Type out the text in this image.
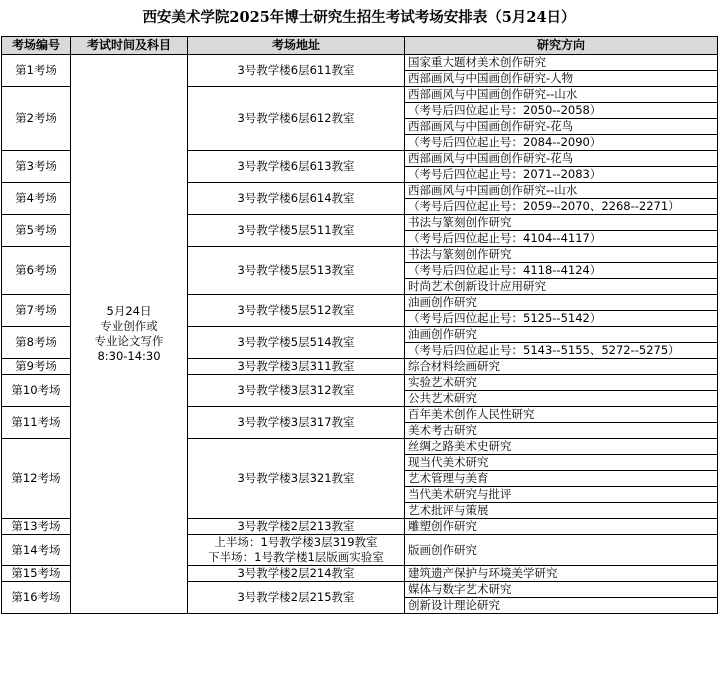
西安美术学院2025年博士研究生招生考试考场安排表（5月24日）
考场编号	考试时间及科目	考场地址	研究方向
第1考场	5月24日
专业创作或
专业论文写作
8:30-14:30	3号教学楼6层611教室	国家重大题材美术创作研究
			西部画风与中国画创作研究-人物
第2考场		3号教学楼6层612教室	西部画风与中国画创作研究--山水
			（考号后四位起止号：2050--2058）
			西部画风与中国画创作研究-花鸟
			（考号后四位起止号：2084--2090）
第3考场		3号教学楼6层613教室	西部画风与中国画创作研究-花鸟
			（考号后四位起止号：2071--2083）
第4考场		3号教学楼6层614教室	西部画风与中国画创作研究--山水
			（考号后四位起止号：2059--2070、2268--2271）
第5考场		3号教学楼5层511教室	书法与篆刻创作研究
			（考号后四位起止号：4104--4117）
第6考场		3号教学楼5层513教室	书法与篆刻创作研究
			（考号后四位起止号：4118--4124）
			时尚艺术创新设计应用研究
第7考场		3号教学楼5层512教室	油画创作研究
			（考号后四位起止号：5125--5142）
第8考场		3号教学楼5层514教室	油画创作研究
			（考号后四位起止号：5143--5155、5272--5275）
第9考场		3号教学楼3层311教室	综合材料绘画研究
第10考场		3号教学楼3层312教室	实验艺术研究
			公共艺术研究
第11考场		3号教学楼3层317教室	百年美术创作人民性研究
			美术考古研究
第12考场		3号教学楼3层321教室	丝绸之路美术史研究
			现当代美术研究
			艺术管理与美育
			当代美术研究与批评
			艺术批评与策展
第13考场		3号教学楼2层213教室	雕塑创作研究
第14考场		上半场：1号教学楼3层319教室
下半场：1号教学楼1层版画实验室	版画创作研究
第15考场		3号教学楼2层214教室	建筑遗产保护与环境美学研究
第16考场		3号教学楼2层215教室	媒体与数字艺术研究
			创新设计理论研究
